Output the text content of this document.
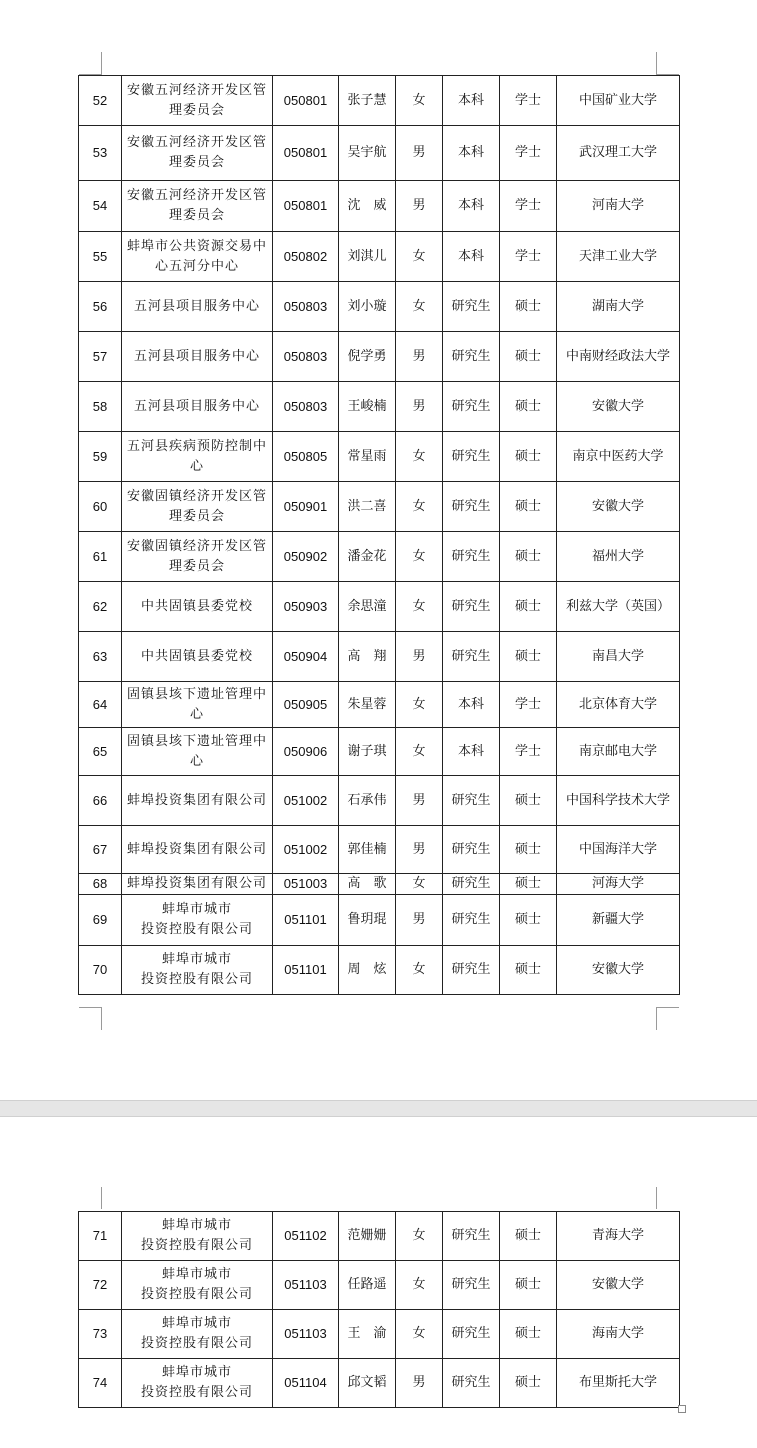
52	安徽五河经济开发区管理委员会	050801	张子慧	女	本科	学士	中国矿业大学
53	安徽五河经济开发区管理委员会	050801	吴宇航	男	本科	学士	武汉理工大学
54	安徽五河经济开发区管理委员会	050801	沈　威	男	本科	学士	河南大学
55	蚌埠市公共资源交易中心五河分中心	050802	刘淇儿	女	本科	学士	天津工业大学
56	五河县项目服务中心	050803	刘小璇	女	研究生	硕士	湖南大学
57	五河县项目服务中心	050803	倪学勇	男	研究生	硕士	中南财经政法大学
58	五河县项目服务中心	050803	王峻楠	男	研究生	硕士	安徽大学
59	五河县疾病预防控制中心	050805	常星雨	女	研究生	硕士	南京中医药大学
60	安徽固镇经济开发区管理委员会	050901	洪二喜	女	研究生	硕士	安徽大学
61	安徽固镇经济开发区管理委员会	050902	潘金花	女	研究生	硕士	福州大学
62	中共固镇县委党校	050903	余思潼	女	研究生	硕士	利兹大学（英国）
63	中共固镇县委党校	050904	高　翔	男	研究生	硕士	南昌大学
64	固镇县垓下遗址管理中心	050905	朱星蓉	女	本科	学士	北京体育大学
65	固镇县垓下遗址管理中心	050906	谢子琪	女	本科	学士	南京邮电大学
66	蚌埠投资集团有限公司	051002	石承伟	男	研究生	硕士	中国科学技术大学
67	蚌埠投资集团有限公司	051002	郭佳楠	男	研究生	硕士	中国海洋大学
68	蚌埠投资集团有限公司	051003	高　歌	女	研究生	硕士	河海大学
69	蚌埠市城市
投资控股有限公司	051101	鲁玥琨	男	研究生	硕士	新疆大学
70	蚌埠市城市
投资控股有限公司	051101	周　炫	女	研究生	硕士	安徽大学
71	蚌埠市城市
投资控股有限公司	051102	范姗姗	女	研究生	硕士	青海大学
72	蚌埠市城市
投资控股有限公司	051103	任路遥	女	研究生	硕士	安徽大学
73	蚌埠市城市
投资控股有限公司	051103	王　渝	女	研究生	硕士	海南大学
74	蚌埠市城市
投资控股有限公司	051104	邱文韬	男	研究生	硕士	布里斯托大学
